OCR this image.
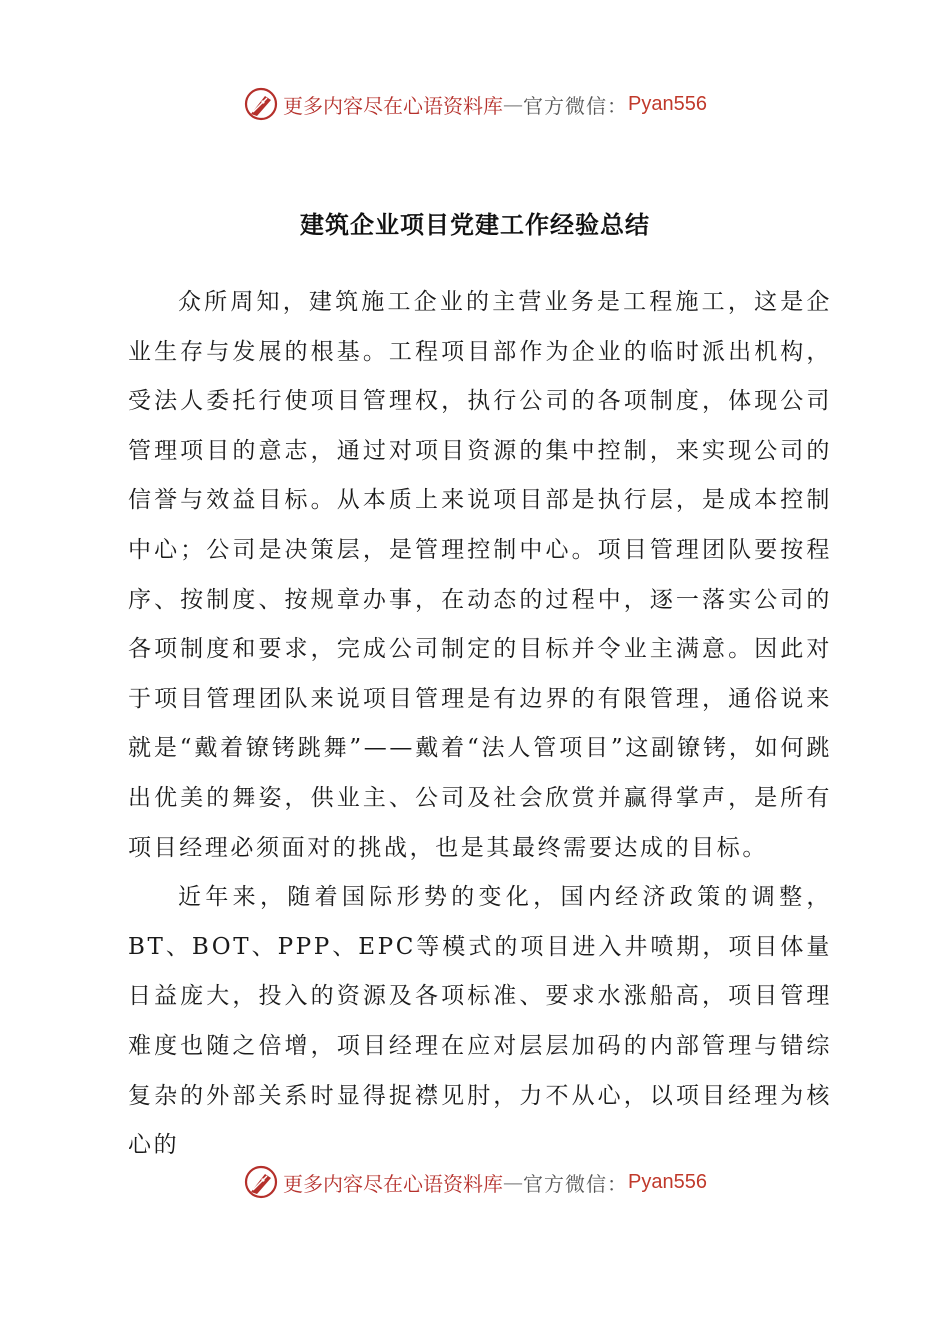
更多内容尽在心语资料库 — 官方微信： Pyan556
建筑企业项目党建工作经验总结

众所周知，建筑施工企业的主营业务是工程施工，这是企业生存与发展的根基。工程项目部作为企业的临时派出机构，受法人委托行使项目管理权，执行公司的各项制度，体现公司管理项目的意志，通过对项目资源的集中控制，来实现公司的信誉与效益目标。从本质上来说项目部是执行层，是成本控制中心；公司是决策层，是管理控制中心。项目管理团队要按程序、按制度、按规章办事，在动态的过程中，逐一落实公司的各项制度和要求，完成公司制定的目标并令业主满意。因此对于项目管理团队来说项目管理是有边界的有限管理，通俗说来就是“戴着镣铐跳舞”——戴着“法人管项目”这副镣铐，如何跳出优美的舞姿，供业主、公司及社会欣赏并赢得掌声，是所有项目经理必须面对的挑战，也是其最终需要达成的目标。

近年来，随着国际形势的变化，国内经济政策的调整，BT、BOT、PPP、EPC等模式的项目进入井喷期，项目体量日益庞大，投入的资源及各项标准、要求水涨船高，项目管理难度也随之倍增，项目经理在应对层层加码的内部管理与错综复杂的外部关系时显得捉襟见肘，力不从心，以项目经理为核心的

更多内容尽在心语资料库 — 官方微信： Pyan556
